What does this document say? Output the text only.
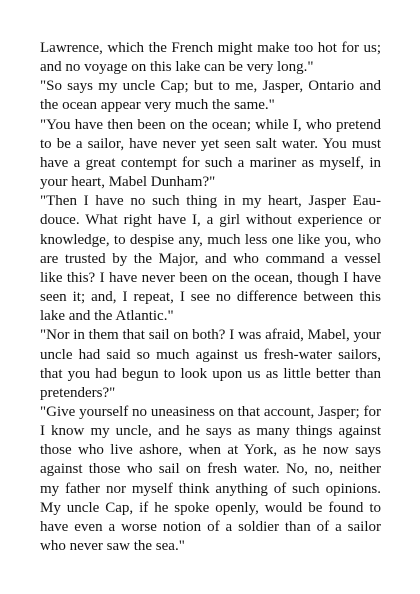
Lawrence, which the French might make too hot for us; and no voyage on this lake can be very long."

"So says my uncle Cap; but to me, Jasper, Ontario and the ocean appear very much the same."

"You have then been on the ocean; while I, who pretend to be a sailor, have never yet seen salt water. You must have a great contempt for such a mariner as myself, in your heart, Mabel Dunham?"

"Then I have no such thing in my heart, Jasper Eau-douce. What right have I, a girl without experience or knowledge, to despise any, much less one like you, who are trusted by the Major, and who command a vessel like this? I have never been on the ocean, though I have seen it; and, I repeat, I see no difference between this lake and the Atlantic."

"Nor in them that sail on both? I was afraid, Mabel, your uncle had said so much against us fresh-water sailors, that you had begun to look upon us as little better than pretenders?"

"Give yourself no uneasiness on that account, Jasper; for I know my uncle, and he says as many things against those who live ashore, when at York, as he now says against those who sail on fresh water. No, no, neither my father nor myself think anything of such opinions. My uncle Cap, if he spoke openly, would be found to have even a worse notion of a soldier than of a sailor who never saw the sea."
